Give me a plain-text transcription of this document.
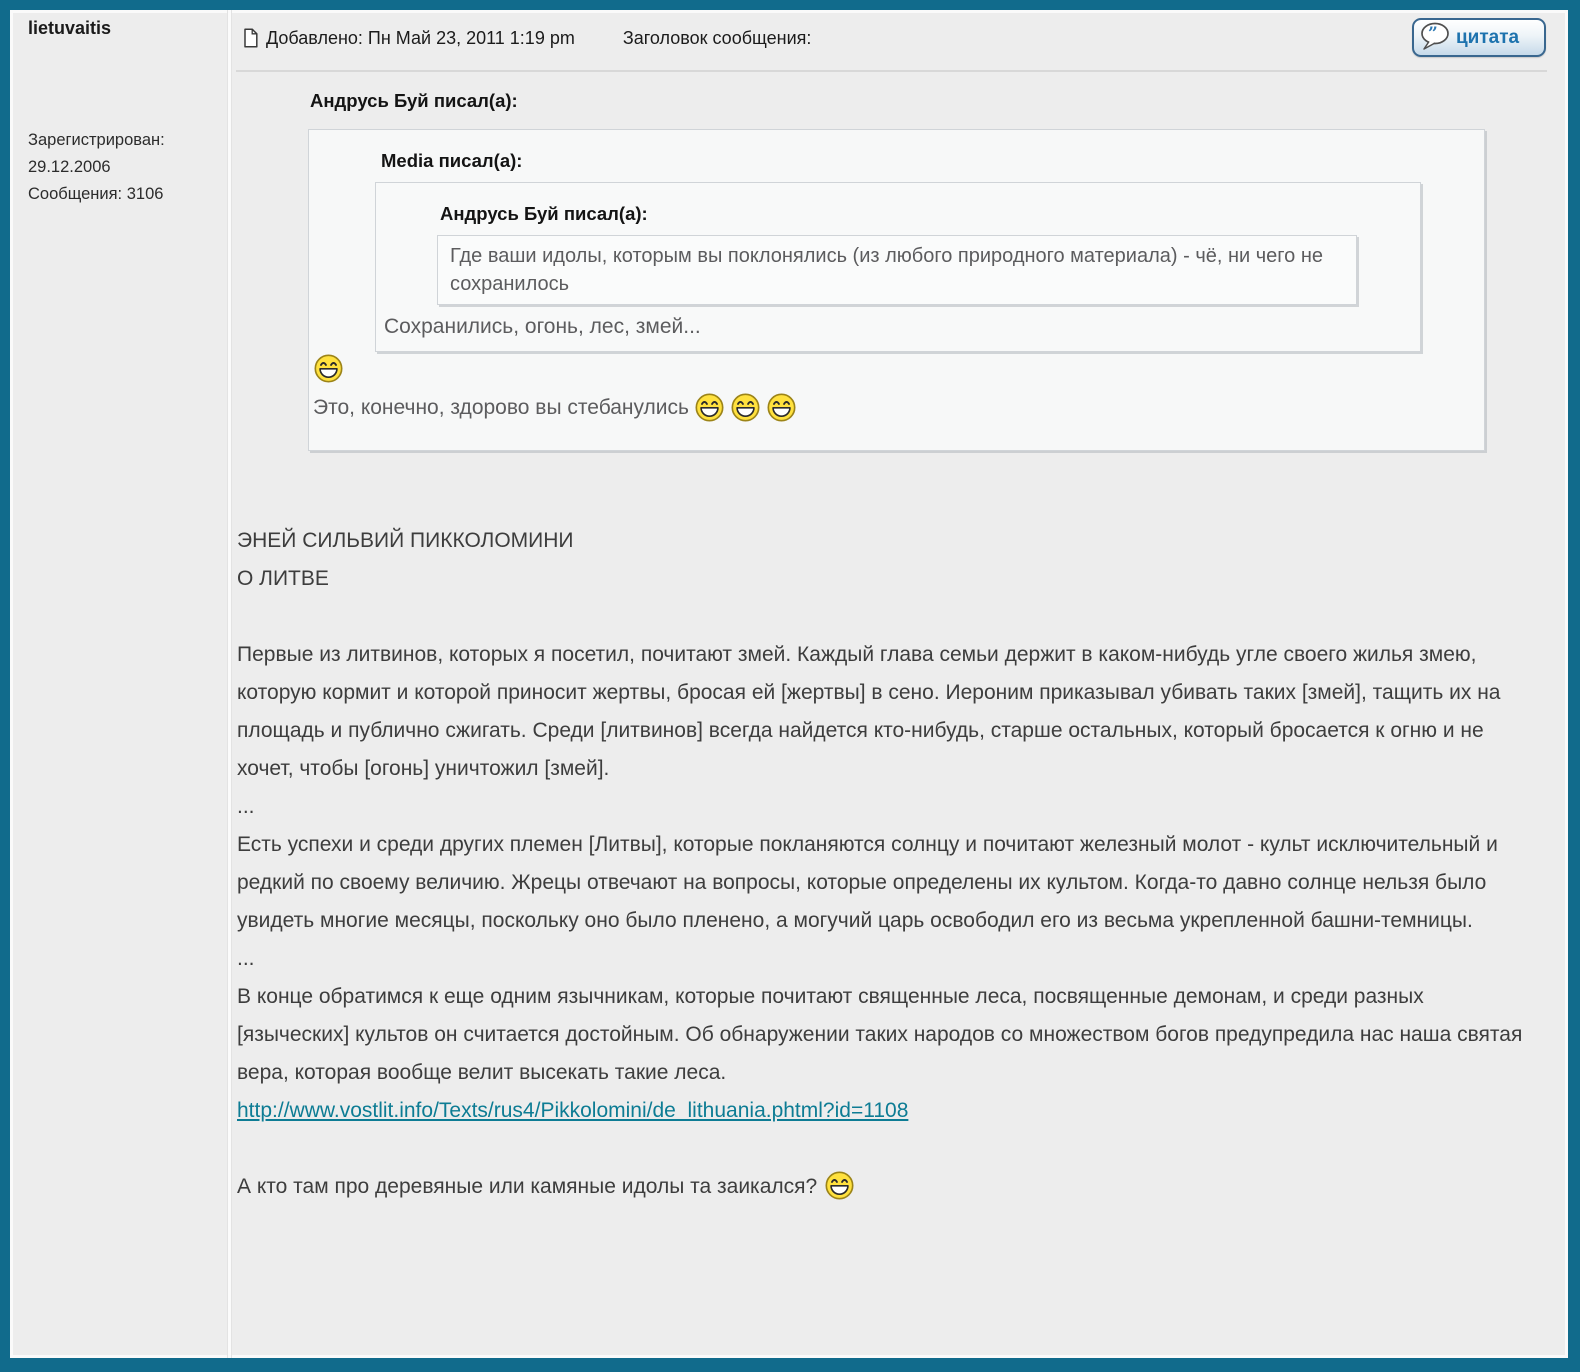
lietuvaitis
Зарегистрирован:
29.12.2006
Сообщения: 3106
Добавлено: Пн Май 23, 2011 1:19 pm	Заголовок сообщения:	” цитата
Андрусь Буй писал(а):
Media писал(а):
Андрусь Буй писал(а):
Где ваши идолы, которым вы поклонялись (из любого природного материала) - чё, ни чего не сохранилось
Сохранились, огонь, лес, змей...
Это, конечно, здорово вы стебанулись
ЭНЕЙ СИЛЬВИЙ ПИККОЛОМИНИ
О ЛИТВЕ
Первые из литвинов, которых я посетил, почитают змей. Каждый глава семьи держит в каком-нибудь угле своего жилья змею, которую кормит и которой приносит жертвы, бросая ей [жертвы] в сено. Иероним приказывал убивать таких [змей], тащить их на площадь и публично сжигать. Среди [литвинов] всегда найдется кто-нибудь, старше остальных, который бросается к огню и не хочет, чтобы [огонь] уничтожил [змей].
...
Есть успехи и среди других племен [Литвы], которые покланяются солнцу и почитают железный молот - культ исключительный и редкий по своему величию. Жрецы отвечают на вопросы, которые определены их культом. Когда-то давно солнце нельзя было увидеть многие месяцы, поскольку оно было пленено, а могучий царь освободил его из весьма укрепленной башни-темницы.
...
В конце обратимся к еще одним язычникам, которые почитают священные леса, посвященные демонам, и среди разных [языческих] культов он считается достойным. Об обнаружении таких народов со множеством богов предупредила нас наша святая вера, которая вообще велит высекать такие леса.
http://www.vostlit.info/Texts/rus4/Pikkolomini/de_lithuania.phtml?id=1108
А кто там про деревяные или камяные идолы та заикался?
